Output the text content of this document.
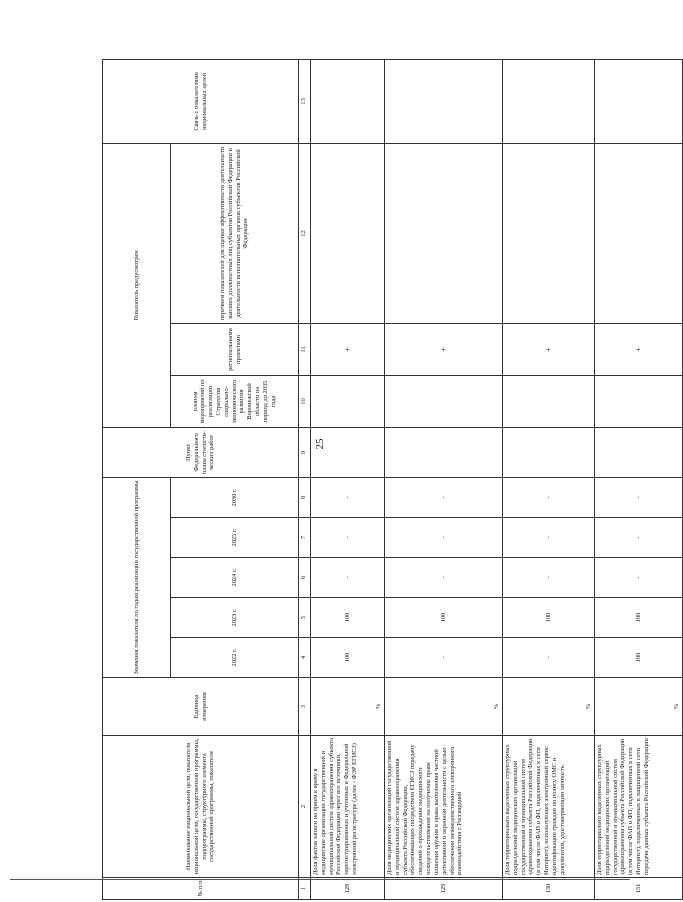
25
№ п/п	Наименование национальной цели, показателя национальной цели, государственной программы, подпрограммы, структурного элемента государственной программы, показателя	Единица измерения	Значения показателя по годам реализации государственной программы					Пункт Федерального плана статисти-ческих работ	Показатель предусмотрен			Связь с показателями национальных целей
			2022 г.	2023 г.	2024 г.	2025 г.	2030 г.		планом мероприятий по реализации Стратегии социально-экономического развития Воронежской области на период до 2035 года	региональными проектами	перечнем показателей для оценки эффективности деятельности высших должностных лиц субъектов Российской Федерации и деятельности исполнительных органов субъектов Российской Федерации	
1	2	3	4	5	6	7	8	9	10	11	12	13
128	Доля фактов записи на прием к врачу в медицинские организации государственной и муниципальной систем здравоохранения субъекта Российской Федерации через все источники, зарегистрированных и учтенных в Федеральной электронной регистратуре (далее - ФЭР ЕГИСЗ)	%	100	100	-	-	-			+		
129	Доля медицинских организаций государственной и муниципальной систем здравоохранения субъекта Российской Федерации, обеспечивающих посредством ЕГИСЗ передачу сведений о прохождении медицинского освидетельствования на получение права ношения оружия и права выполнения частной детективной и охранной деятельности с целью обеспечения межведомственного электронного взаимодействия с Росгвардией	%	-	100	-	-	-			+		
130	Доля территориально выделенных структурных подразделений медицинских организаций государственной и муниципальной систем здравоохранения субъекта Российской Федерации (в том числе ФАП и ФП, подключенных к сети Интернет), использующих электронный сервис идентификации граждан по полису ОМС и документам, удостоверяющим личность	%	-	100	-	-	-			+		
131	Доля территориально выделенных структурных подразделений медицинских организаций государственной и муниципальной систем здравоохранения субъекта Российской Федерации (в том числе ФАП и ФП, подключенных к сети Интернет), подключенных к защищенной сети передачи данных субъекта Российской Федерации	%	100	100	-	-	-			+		
